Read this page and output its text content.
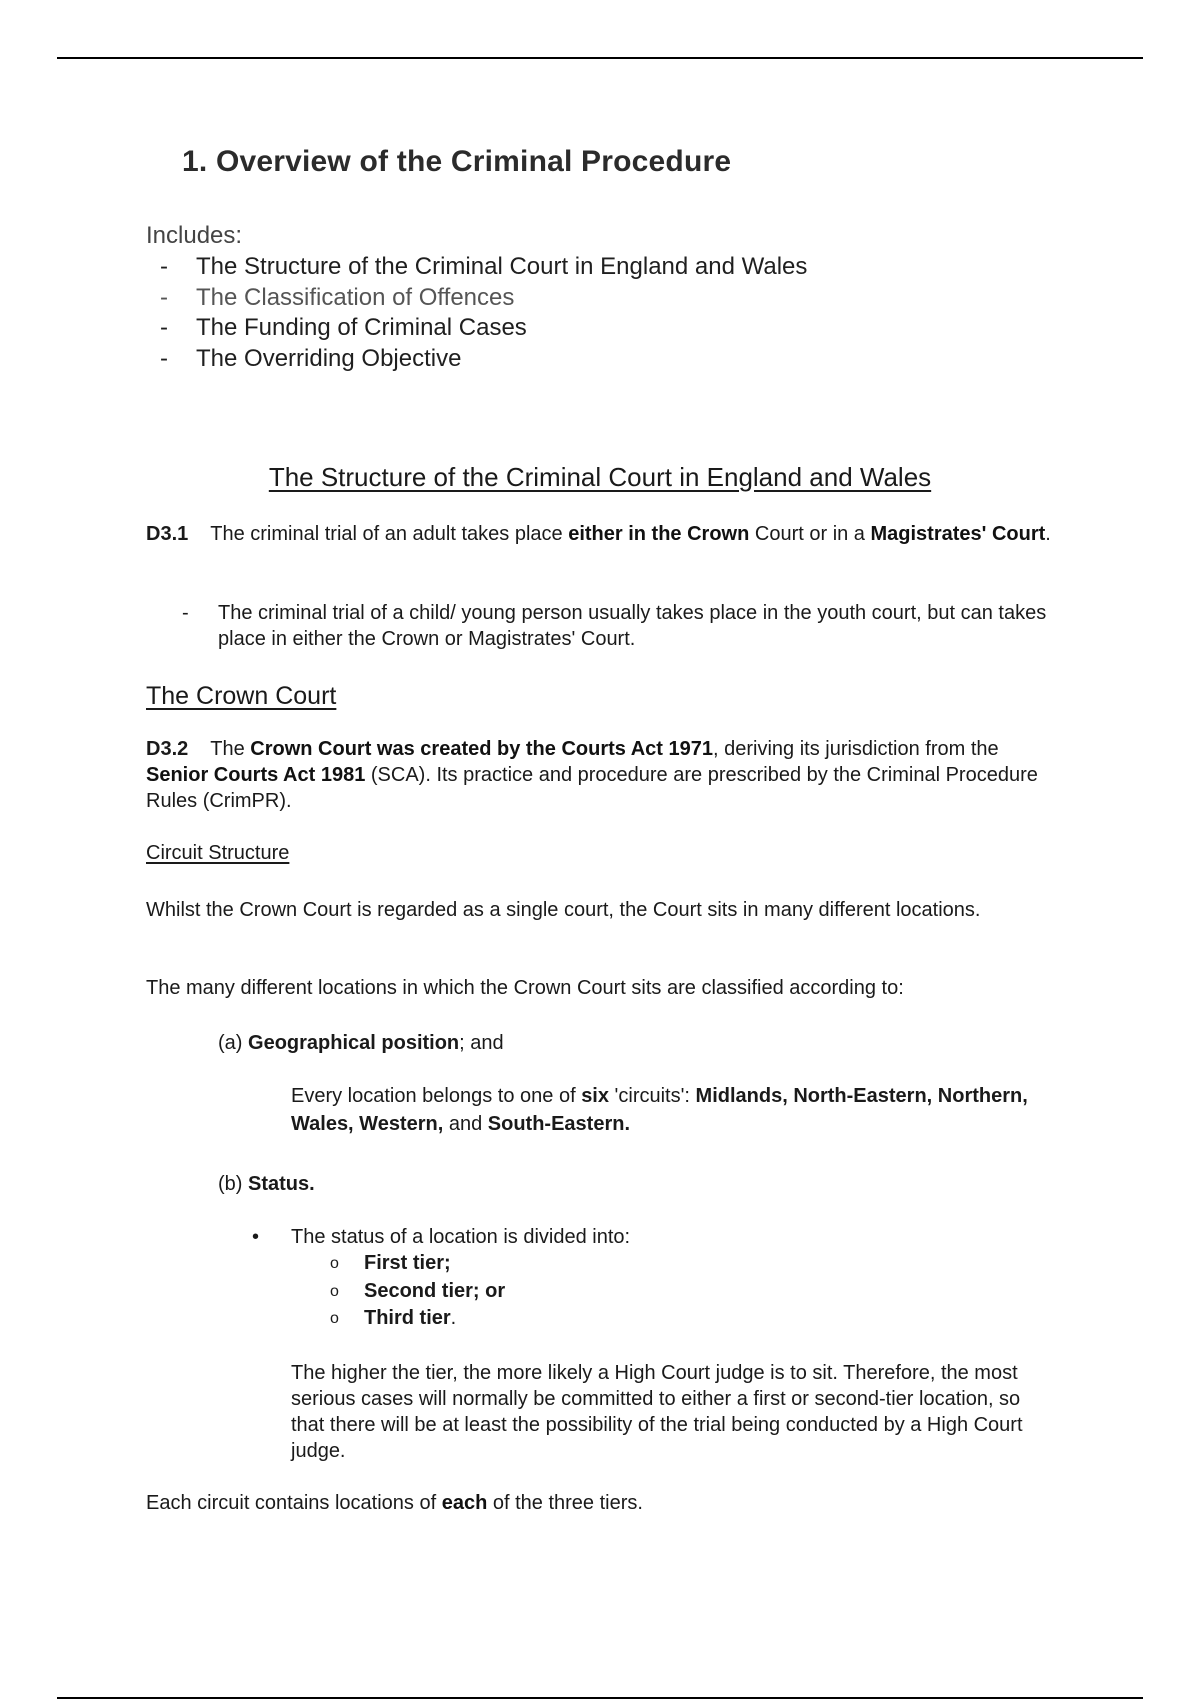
1. Overview of the Criminal Procedure
Includes:
- The Structure of the Criminal Court in England and Wales
- The Classification of Offences
- The Funding of Criminal Cases
- The Overriding Objective
The Structure of the Criminal Court in England and Wales

D3.1 The criminal trial of an adult takes place either in the Crown Court or in a Magistrates' Court.

- The criminal trial of a child/ young person usually takes place in the youth court, but can takes place in either the Crown or Magistrates' Court.
The Crown Court

D3.2 The Crown Court was created by the Courts Act 1971, deriving its jurisdiction from the Senior Courts Act 1981 (SCA). Its practice and procedure are prescribed by the Criminal Procedure Rules (CrimPR).

Circuit Structure

Whilst the Crown Court is regarded as a single court, the Court sits in many different locations.

The many different locations in which the Crown Court sits are classified according to:

(a) Geographical position; and

Every location belongs to one of six 'circuits': Midlands, North-Eastern, Northern, Wales, Western, and South-Eastern.

(b) Status.
• The status of a location is divided into:
o First tier;
o Second tier; or
o Third tier.

The higher the tier, the more likely a High Court judge is to sit. Therefore, the most serious cases will normally be committed to either a first or second-tier location, so that there will be at least the possibility of the trial being conducted by a High Court judge.

Each circuit contains locations of each of the three tiers.
